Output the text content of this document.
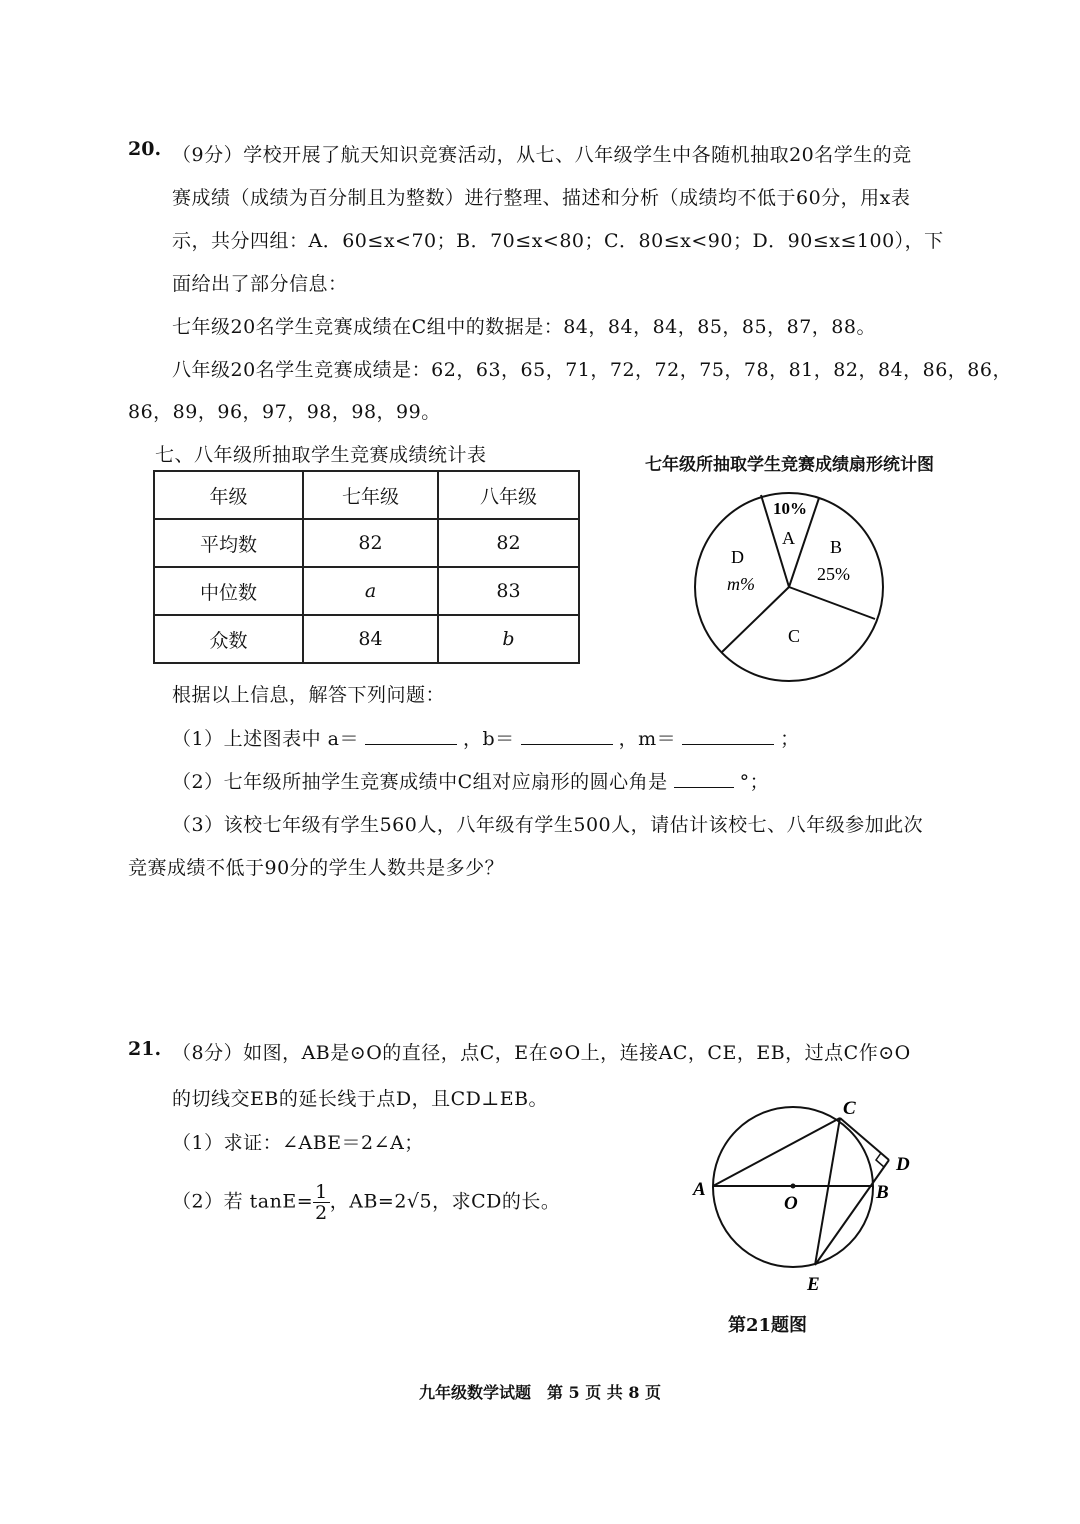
20. （9分）学校开展了航天知识竞赛活动，从七、八年级学生中各随机抽取20名学生的竞
赛成绩（成绩为百分制且为整数）进行整理、描述和分析（成绩均不低于60分，用x表
示，共分四组：A．60≤x<70；B．70≤x<80；C．80≤x<90；D．90≤x≤100），下
面给出了部分信息：
七年级20名学生竞赛成绩在C组中的数据是：84，84，84，85，85，87，88。
八年级20名学生竞赛成绩是：62，63，65，71，72，72，75，78，81，82，84，86，86，
86，89，96，97，98，98，99。
七、八年级所抽取学生竞赛成绩统计表
年级	七年级	八年级
平均数	82	82
中位数	a	83
众数	84	b
七年级所抽取学生竞赛成绩扇形统计图
10%
A B
25%
C
D
m%
根据以上信息，解答下列问题：
（1）上述图表中 a＝	，b＝	，m＝	；
（2）七年级所抽学生竞赛成绩中C组对应扇形的圆心角是	°；
（3）该校七年级有学生560人，八年级有学生500人，请估计该校七、八年级参加此次
竞赛成绩不低于90分的学生人数共是多少？
21. （8分）如图，AB是⊙O的直径，点C，E在⊙O上，连接AC，CE，EB，过点C作⊙O
的切线交EB的延长线于点D，且CD⊥EB。
（1）求证：∠ABE＝2∠A；
（2）若 $\tan E= \frac{1}{2}$ ，AB=2√5，求CD的长。
A	B
C
D
E
O
第21题图
九年级数学试题　第 5 页 共 8 页
